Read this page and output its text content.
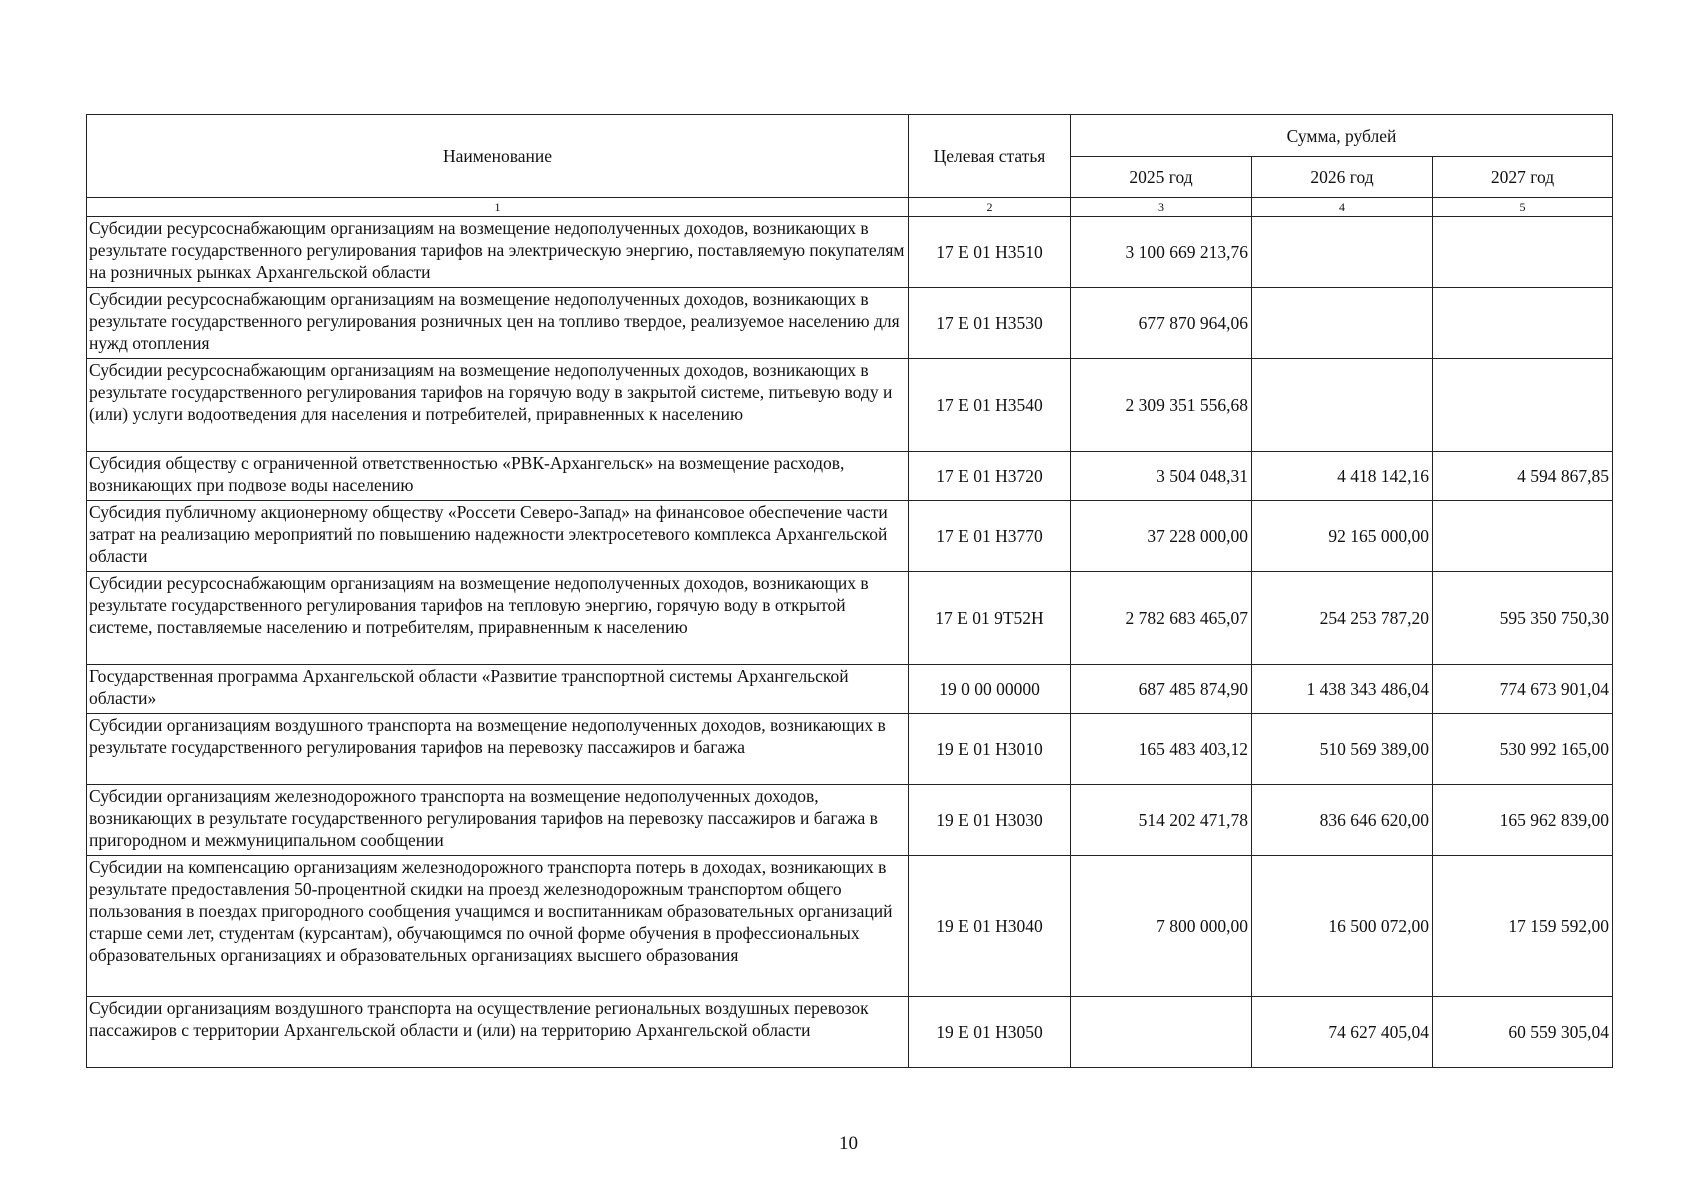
Наименование	Целевая статья	Сумма, рублей		
		2025 год	2026 год	2027 год
1	2	3	4	5
Субсидии ресурсоснабжающим организациям на возмещение недополученных доходов, возникающих в результате государственного регулирования тарифов на электрическую энергию, поставляемую покупателям на розничных рынках Архангельской области	17 Е 01 Н3510	3 100 669 213,76		
Субсидии ресурсоснабжающим организациям на возмещение недополученных доходов, возникающих в результате государственного регулирования розничных цен на топливо твердое, реализуемое населению для нужд отопления	17 Е 01 Н3530	677 870 964,06		
Субсидии ресурсоснабжающим организациям на возмещение недополученных доходов, возникающих в результате государственного регулирования тарифов на горячую воду в закрытой системе, питьевую воду и (или) услуги водоотведения для населения и потребителей, приравненных к населению	17 Е 01 Н3540	2 309 351 556,68		
Субсидия обществу с ограниченной ответственностью «РВК-Архангельск» на возмещение расходов, возникающих при подвозе воды населению	17 Е 01 Н3720	3 504 048,31	4 418 142,16	4 594 867,85
Субсидия публичному акционерному обществу «Россети Северо-Запад» на финансовое обеспечение части затрат на реализацию мероприятий по повышению надежности электросетевого комплекса Архангельской области	17 Е 01 Н3770	37 228 000,00	92 165 000,00	
Субсидии ресурсоснабжающим организациям на возмещение недополученных доходов, возникающих в результате государственного регулирования тарифов на тепловую энергию, горячую воду в открытой системе, поставляемые населению и потребителям, приравненным к населению	17 Е 01 9Т52Н	2 782 683 465,07	254 253 787,20	595 350 750,30
Государственная программа Архангельской области «Развитие транспортной системы Архангельской области»	19 0 00 00000	687 485 874,90	1 438 343 486,04	774 673 901,04
Субсидии организациям воздушного транспорта на возмещение недополученных доходов, возникающих в результате государственного регулирования тарифов на перевозку пассажиров и багажа	19 Е 01 Н3010	165 483 403,12	510 569 389,00	530 992 165,00
Субсидии организациям железнодорожного транспорта на возмещение недополученных доходов, возникающих в результате государственного регулирования тарифов на перевозку пассажиров и багажа в пригородном и межмуниципальном сообщении	19 Е 01 Н3030	514 202 471,78	836 646 620,00	165 962 839,00
Субсидии на компенсацию организациям железнодорожного транспорта потерь в доходах, возникающих в результате предоставления 50-процентной скидки на проезд железнодорожным транспортом общего пользования в поездах пригородного сообщения учащимся и воспитанникам образовательных организаций старше семи лет, студентам (курсантам), обучающимся по очной форме обучения в профессиональных образовательных организациях и образовательных организациях высшего образования	19 Е 01 Н3040	7 800 000,00	16 500 072,00	17 159 592,00
Субсидии организациям воздушного транспорта на осуществление региональных воздушных перевозок пассажиров с территории Архангельской области и (или) на территорию Архангельской области	19 Е 01 Н3050		74 627 405,04	60 559 305,04
10
